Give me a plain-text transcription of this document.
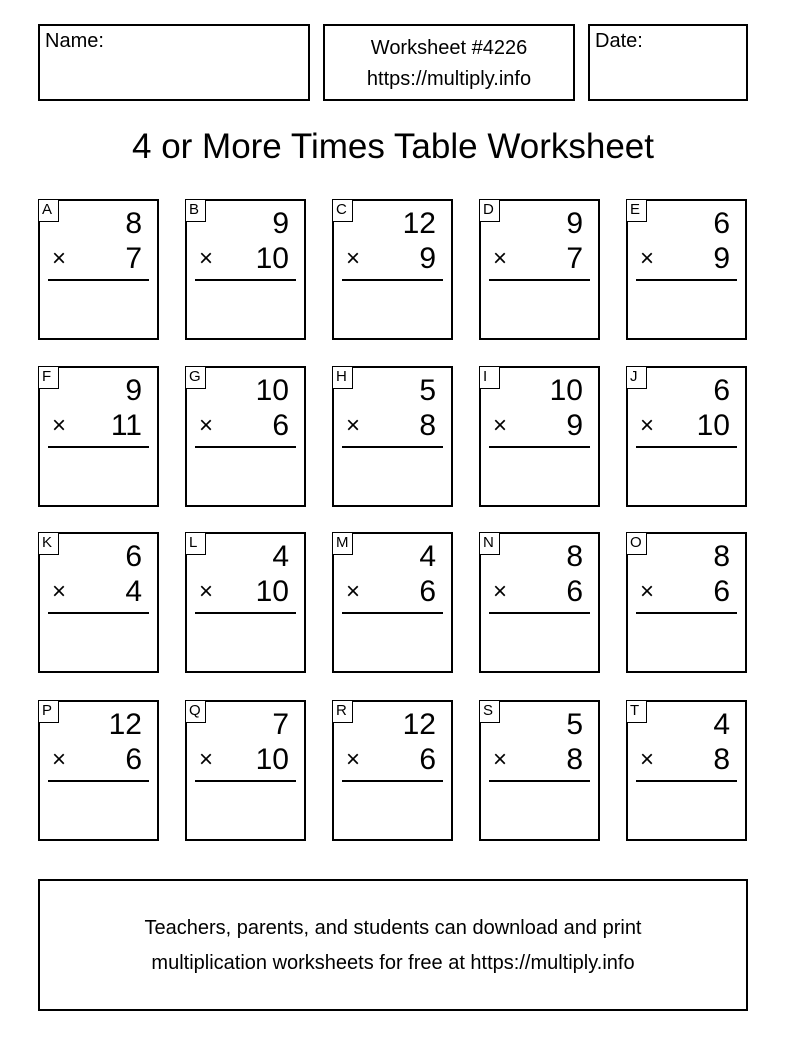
Name:	Worksheet #4226
https://multiply.info
Date:
4 or More Times Table Worksheet
A 8
× 7
B 9
× 10
C 12
× 9
D 9
× 7
E 6
× 9
F 9
× 11
G 10
× 6
H 5
× 8
I	10
× 9
J	6
× 10
K 6
× 4
L 4
× 10
M 4
× 6
N 8
× 6
O 8
× 6
P 12
× 6
Q 7
× 10
R 12
× 6
S 5
× 8
T 4
× 8
Teachers, parents, and students can download and print
multiplication worksheets for free at https://multiply.info
